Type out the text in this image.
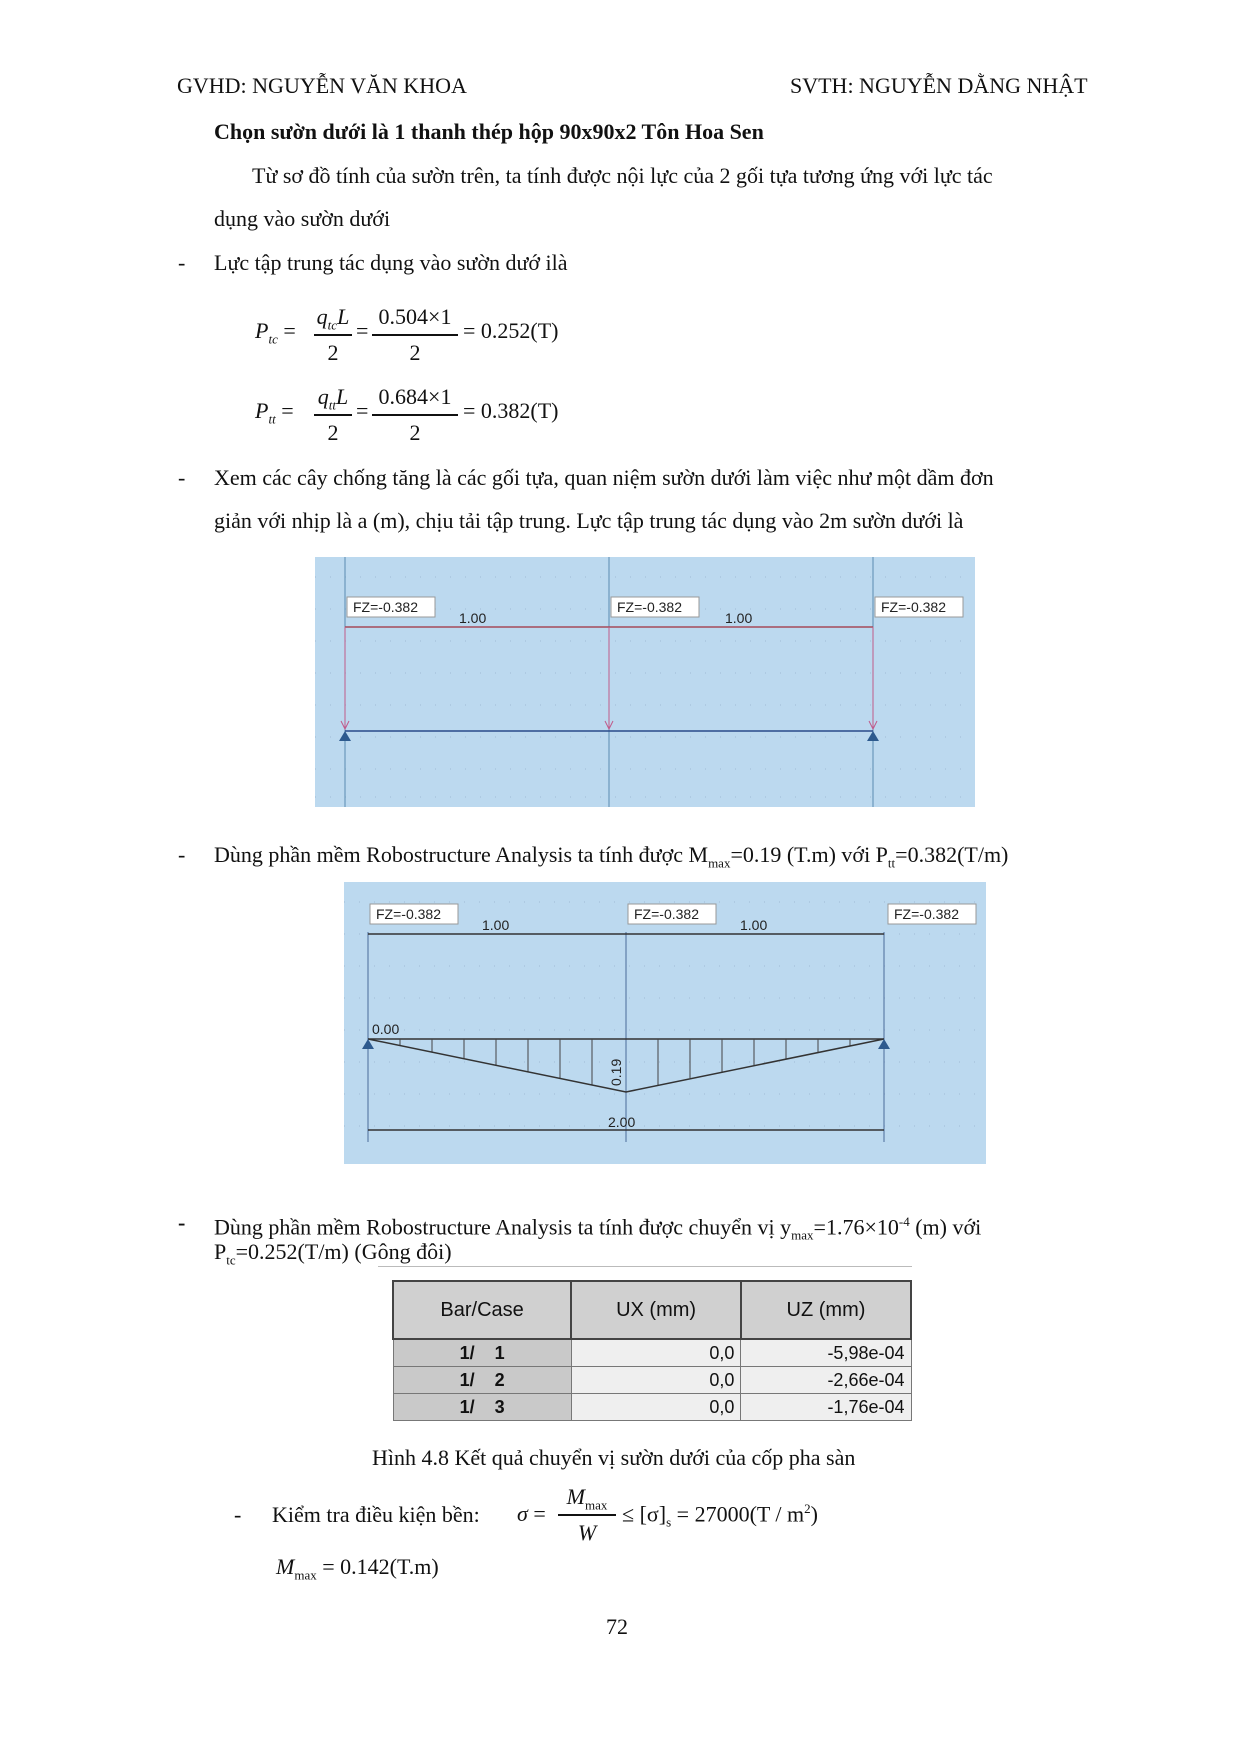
GVHD: NGUYỄN VĂN KHOA	SVTH: NGUYỄN DẰNG NHẬT
Chọn sườn dưới là 1 thanh thép hộp 90x90x2 Tôn Hoa Sen
Từ sơ đồ tính của sườn trên, ta tính được nội lực của 2 gối tựa tương ứng với lực tác
dụng vào sườn dưới
- Lực tập trung tác dụng vào sườn dướ ilà
$P_{tc}$ =
$q_{tc}L$
2
=
0.504×1
2
= 0.252(T)
$P_{tt}$ =
$q_{tt}L$
2
=
0.684×1
2
= 0.382(T)
- Xem các cây chống tăng là các gối tựa, quan niệm sườn dưới làm việc như một dầm đơn
giản với nhịp là a (m), chịu tải tập trung. Lực tập trung tác dụng vào 2m sườn dưới là
FZ=-0.382	FZ=-0.382	FZ=-0.382
1.00	1.00
- Dùng phần mềm Robostructure Analysis ta tính được $M_{max}=0.19$ (T.m) với $P_{tt}=0.382(T/m)$
FZ=-0.382	FZ=-0.382	FZ=-0.382
1.00	1.00
0.00
0.19
2.00
- Dùng phần mềm Robostructure Analysis ta tính được chuyển vị $y_{max}=1.76\times 10^{-4}$ (m) với
$P_{tc}=0.252(T/m)$ (Gông đôi)
Bar/Case	UX (mm)	UZ (mm)
1/ 1	0,0	-5,98e-04
1/ 2	0,0	-2,66e-04
1/ 3	0,0	-1,76e-04
Hình 4.8 Kết quả chuyển vị sườn dưới của cốp pha sàn
- Kiểm tra điều kiện bền: σ =
$M_{max}$
W
≤ $[\sigma]_s = 27000(T / m^2)$
$M_{max} = 0.142(T.m)$
72
